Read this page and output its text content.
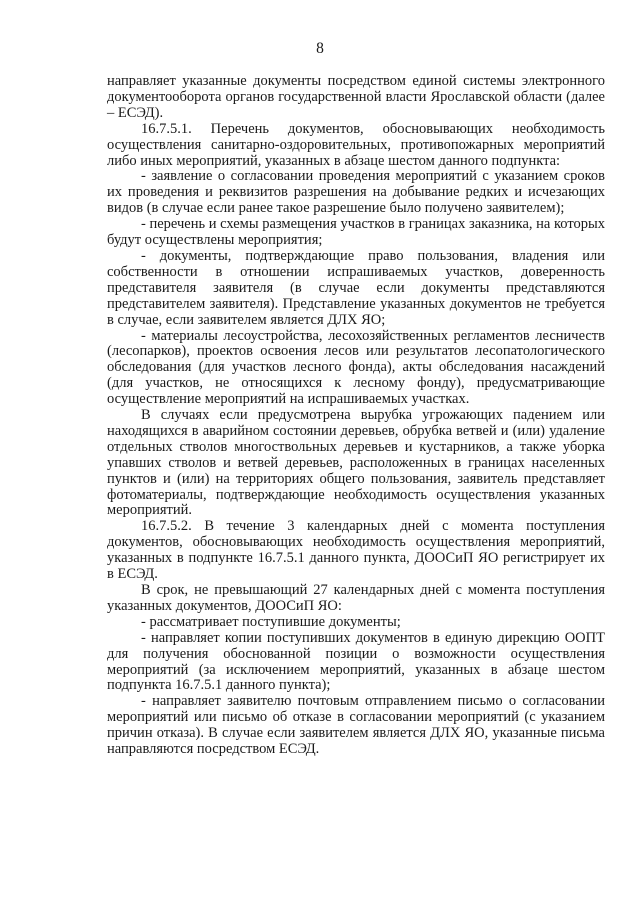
8

направляет указанные документы посредством единой системы электронного документооборота органов государственной власти Ярославской области (далее – ЕСЭД).

16.7.5.1. Перечень документов, обосновывающих необходимость осуществления санитарно-оздоровительных, противопожарных мероприятий либо иных мероприятий, указанных в абзаце шестом данного подпункта:

- заявление о согласовании проведения мероприятий с указанием сроков их проведения и реквизитов разрешения на добывание редких и исчезающих видов (в случае если ранее такое разрешение было получено заявителем);

- перечень и схемы размещения участков в границах заказника, на которых будут осуществлены мероприятия;

- документы, подтверждающие право пользования, владения или собственности в отношении испрашиваемых участков, доверенность представителя заявителя (в случае если документы представляются представителем заявителя). Представление указанных документов не требуется в случае, если заявителем является ДЛХ ЯО;

- материалы лесоустройства, лесохозяйственных регламентов лесничеств (лесопарков), проектов освоения лесов или результатов лесопатологического обследования (для участков лесного фонда), акты обследования насаждений (для участков, не относящихся к лесному фонду), предусматривающие осуществление мероприятий на испрашиваемых участках.

В случаях если предусмотрена вырубка угрожающих падением или находящихся в аварийном состоянии деревьев, обрубка ветвей и (или) удаление отдельных стволов многоствольных деревьев и кустарников, а также уборка упавших стволов и ветвей деревьев, расположенных в границах населенных пунктов и (или) на территориях общего пользования, заявитель представляет фотоматериалы, подтверждающие необходимость осуществления указанных мероприятий.

16.7.5.2. В течение 3 календарных дней с момента поступления документов, обосновывающих необходимость осуществления мероприятий, указанных в подпункте 16.7.5.1 данного пункта, ДООСиП ЯО регистрирует их в ЕСЭД.

В срок, не превышающий 27 календарных дней с момента поступления указанных документов, ДООСиП ЯО:

- рассматривает поступившие документы;

- направляет копии поступивших документов в единую дирекцию ООПТ для получения обоснованной позиции о возможности осуществления мероприятий (за исключением мероприятий, указанных в абзаце шестом подпункта 16.7.5.1 данного пункта);

- направляет заявителю почтовым отправлением письмо о согласовании мероприятий или письмо об отказе в согласовании мероприятий (с указанием причин отказа). В случае если заявителем является ДЛХ ЯО, указанные письма направляются посредством ЕСЭД.
